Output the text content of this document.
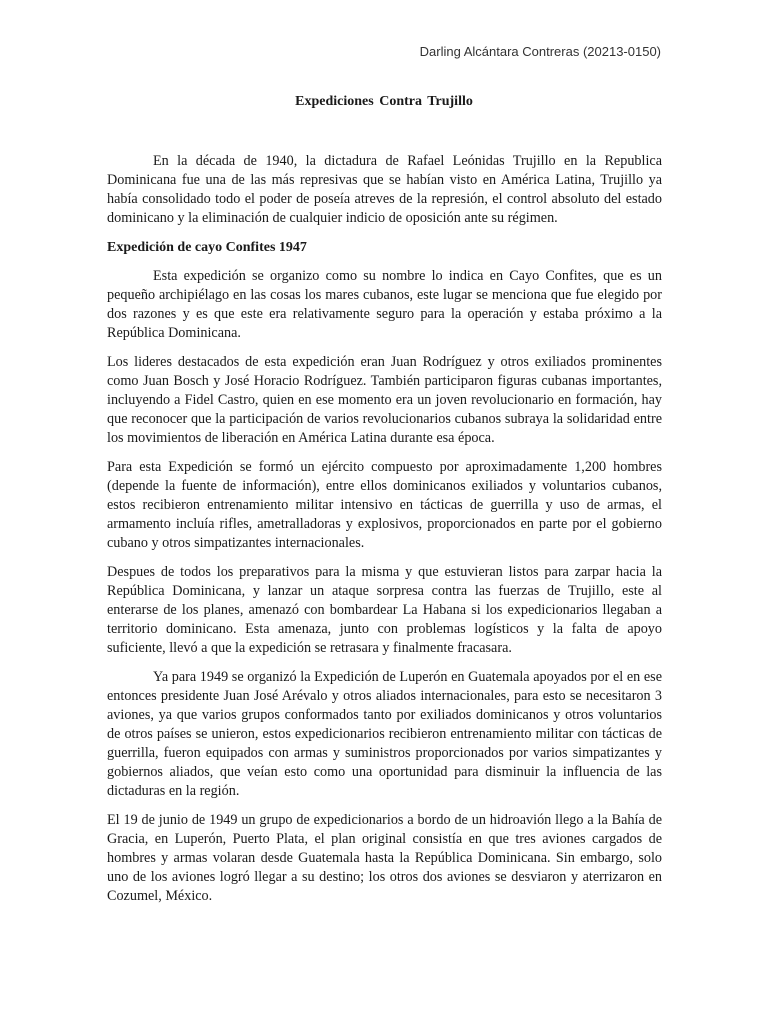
Darling Alcántara Contreras (20213-0150)
Expediciones Contra Trujillo

En la década de 1940, la dictadura de Rafael Leónidas Trujillo en la Republica Dominicana fue una de las más represivas que se habían visto en América Latina, Trujillo ya había consolidado todo el poder de poseía atreves de la represión, el control absoluto del estado dominicano y la eliminación de cualquier indicio de oposición ante su régimen.

Expedición de cayo Confites 1947

Esta expedición se organizo como su nombre lo indica en Cayo Confites, que es un pequeño archipiélago en las cosas los mares cubanos, este lugar se menciona que fue elegido por dos razones y es que este era relativamente seguro para la operación y estaba próximo a la República Dominicana.

Los lideres destacados de esta expedición eran Juan Rodríguez y otros exiliados prominentes como Juan Bosch y José Horacio Rodríguez. También participaron figuras cubanas importantes, incluyendo a Fidel Castro, quien en ese momento era un joven revolucionario en formación, hay que reconocer que la participación de varios revolucionarios cubanos subraya la solidaridad entre los movimientos de liberación en América Latina durante esa época.

Para esta Expedición se formó un ejército compuesto por aproximadamente 1,200 hombres (depende la fuente de información), entre ellos dominicanos exiliados y voluntarios cubanos, estos recibieron entrenamiento militar intensivo en tácticas de guerrilla y uso de armas, el armamento incluía rifles, ametralladoras y explosivos, proporcionados en parte por el gobierno cubano y otros simpatizantes internacionales.

Despues de todos los preparativos para la misma y que estuvieran listos para zarpar hacia la República Dominicana, y lanzar un ataque sorpresa contra las fuerzas de Trujillo, este al enterarse de los planes, amenazó con bombardear La Habana si los expedicionarios llegaban a territorio dominicano. Esta amenaza, junto con problemas logísticos y la falta de apoyo suficiente, llevó a que la expedición se retrasara y finalmente fracasara.

Ya para 1949 se organizó la Expedición de Luperón en Guatemala apoyados por el en ese entonces presidente Juan José Arévalo y otros aliados internacionales, para esto se necesitaron 3 aviones, ya que varios grupos conformados tanto por exiliados dominicanos y otros voluntarios de otros países se unieron, estos expedicionarios recibieron entrenamiento militar con tácticas de guerrilla, fueron equipados con armas y suministros proporcionados por varios simpatizantes y gobiernos aliados, que veían esto como una oportunidad para disminuir la influencia de las dictaduras en la región.

El 19 de junio de 1949 un grupo de expedicionarios a bordo de un hidroavión llego a la Bahía de Gracia, en Luperón, Puerto Plata, el plan original consistía en que tres aviones cargados de hombres y armas volaran desde Guatemala hasta la República Dominicana. Sin embargo, solo uno de los aviones logró llegar a su destino; los otros dos aviones se desviaron y aterrizaron en Cozumel, México.
